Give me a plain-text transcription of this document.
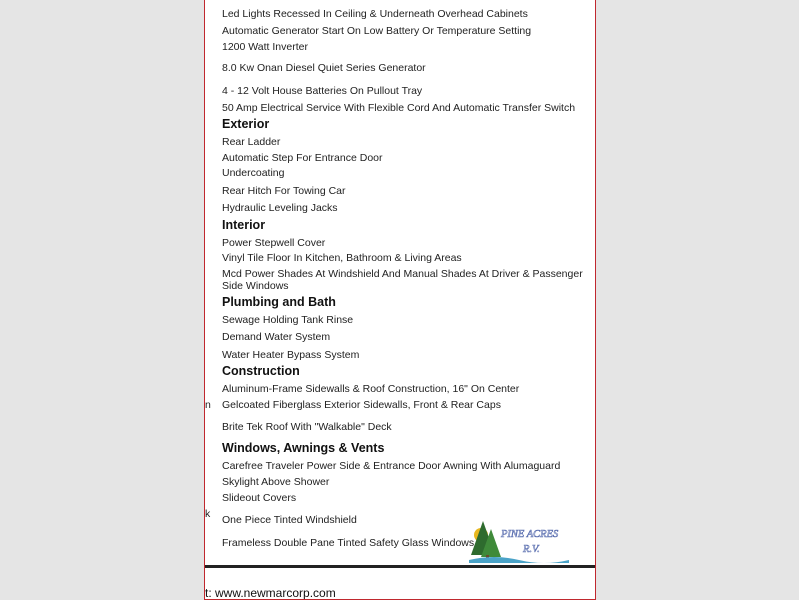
Led Lights Recessed In Ceiling & Underneath Overhead Cabinets

Automatic Generator Start On Low Battery Or Temperature Setting

1200 Watt Inverter

8.0 Kw Onan Diesel Quiet Series Generator

4 - 12 Volt House Batteries On Pullout Tray

50 Amp Electrical Service With Flexible Cord And Automatic Transfer Switch

Exterior

Rear Ladder

Automatic Step For Entrance Door

Undercoating

Rear Hitch For Towing Car

Hydraulic Leveling Jacks

Interior

Power Stepwell Cover

Vinyl Tile Floor In Kitchen, Bathroom & Living Areas

Mcd Power Shades At Windshield And Manual Shades At Driver & Passenger Side Windows

Plumbing and Bath

Sewage Holding Tank Rinse

Demand Water System

Water Heater Bypass System

Construction

Aluminum-Frame Sidewalls & Roof Construction, 16" On Center

n Gelcoated Fiberglass Exterior Sidewalls, Front & Rear Caps

Brite Tek Roof With "Walkable" Deck

Windows, Awnings & Vents

Carefree Traveler Power Side & Entrance Door Awning With Alumaguard

Skylight Above Shower

Slideout Covers

k One Piece Tinted Windshield

Frameless Double Pane Tinted Safety Glass Windows

PINE ACRES
R.V.
t: www.newmarcorp.com
